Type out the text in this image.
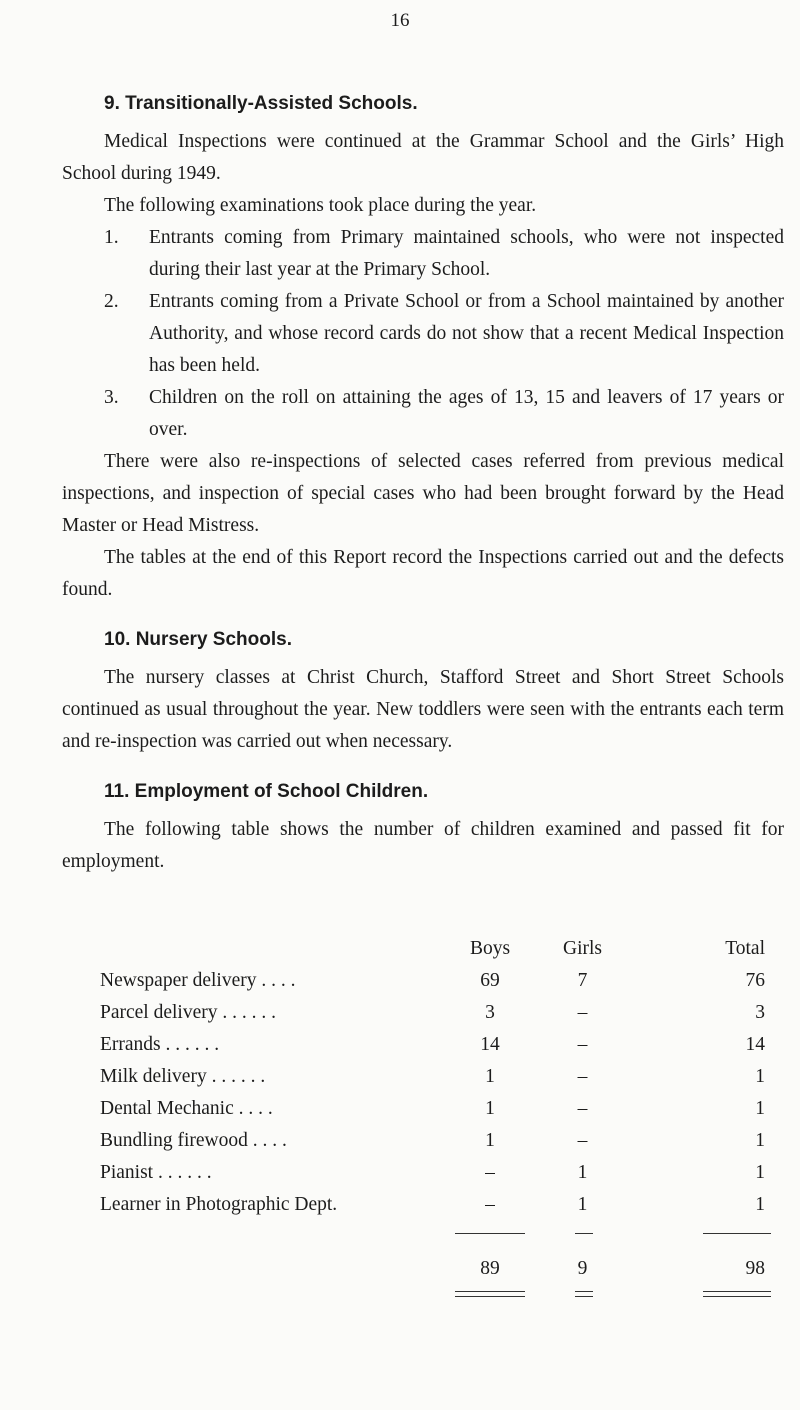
16
9. Transitionally-Assisted Schools.

Medical Inspections were continued at the Grammar School and the Girls’ High School during 1949.

The following examinations took place during the year.

1.	Entrants coming from Primary maintained schools, who were not inspected during their last year at the Primary School.
2.	Entrants coming from a Private School or from a School maintained by another Authority, and whose record cards do not show that a recent Medical Inspection has been held.
3.	Children on the roll on attaining the ages of 13, 15 and leavers of 17 years or over.

There were also re-inspections of selected cases referred from previous medical inspections, and inspection of special cases who had been brought forward by the Head Master or Head Mistress.

The tables at the end of this Report record the Inspections carried out and the defects found.

10. Nursery Schools.

The nursery classes at Christ Church, Stafford Street and Short Street Schools continued as usual throughout the year. New toddlers were seen with the entrants each term and re-inspection was carried out when necessary.

11. Employment of School Children.

The following table shows the number of children examined and passed fit for employment.

	Boys	Girls	Total
Newspaper delivery . . . .	69	7	76
Parcel delivery . . . . . .	3	–	3
Errands . . . . . .	14	–	14
Milk delivery . . . . . .	1	–	1
Dental Mechanic . . . .	1	–	1
Bundling firewood . . . .	1	–	1
Pianist . . . . . .	–	1	1
Learner in Photographic Dept.	–	1	1

	89	9	98
